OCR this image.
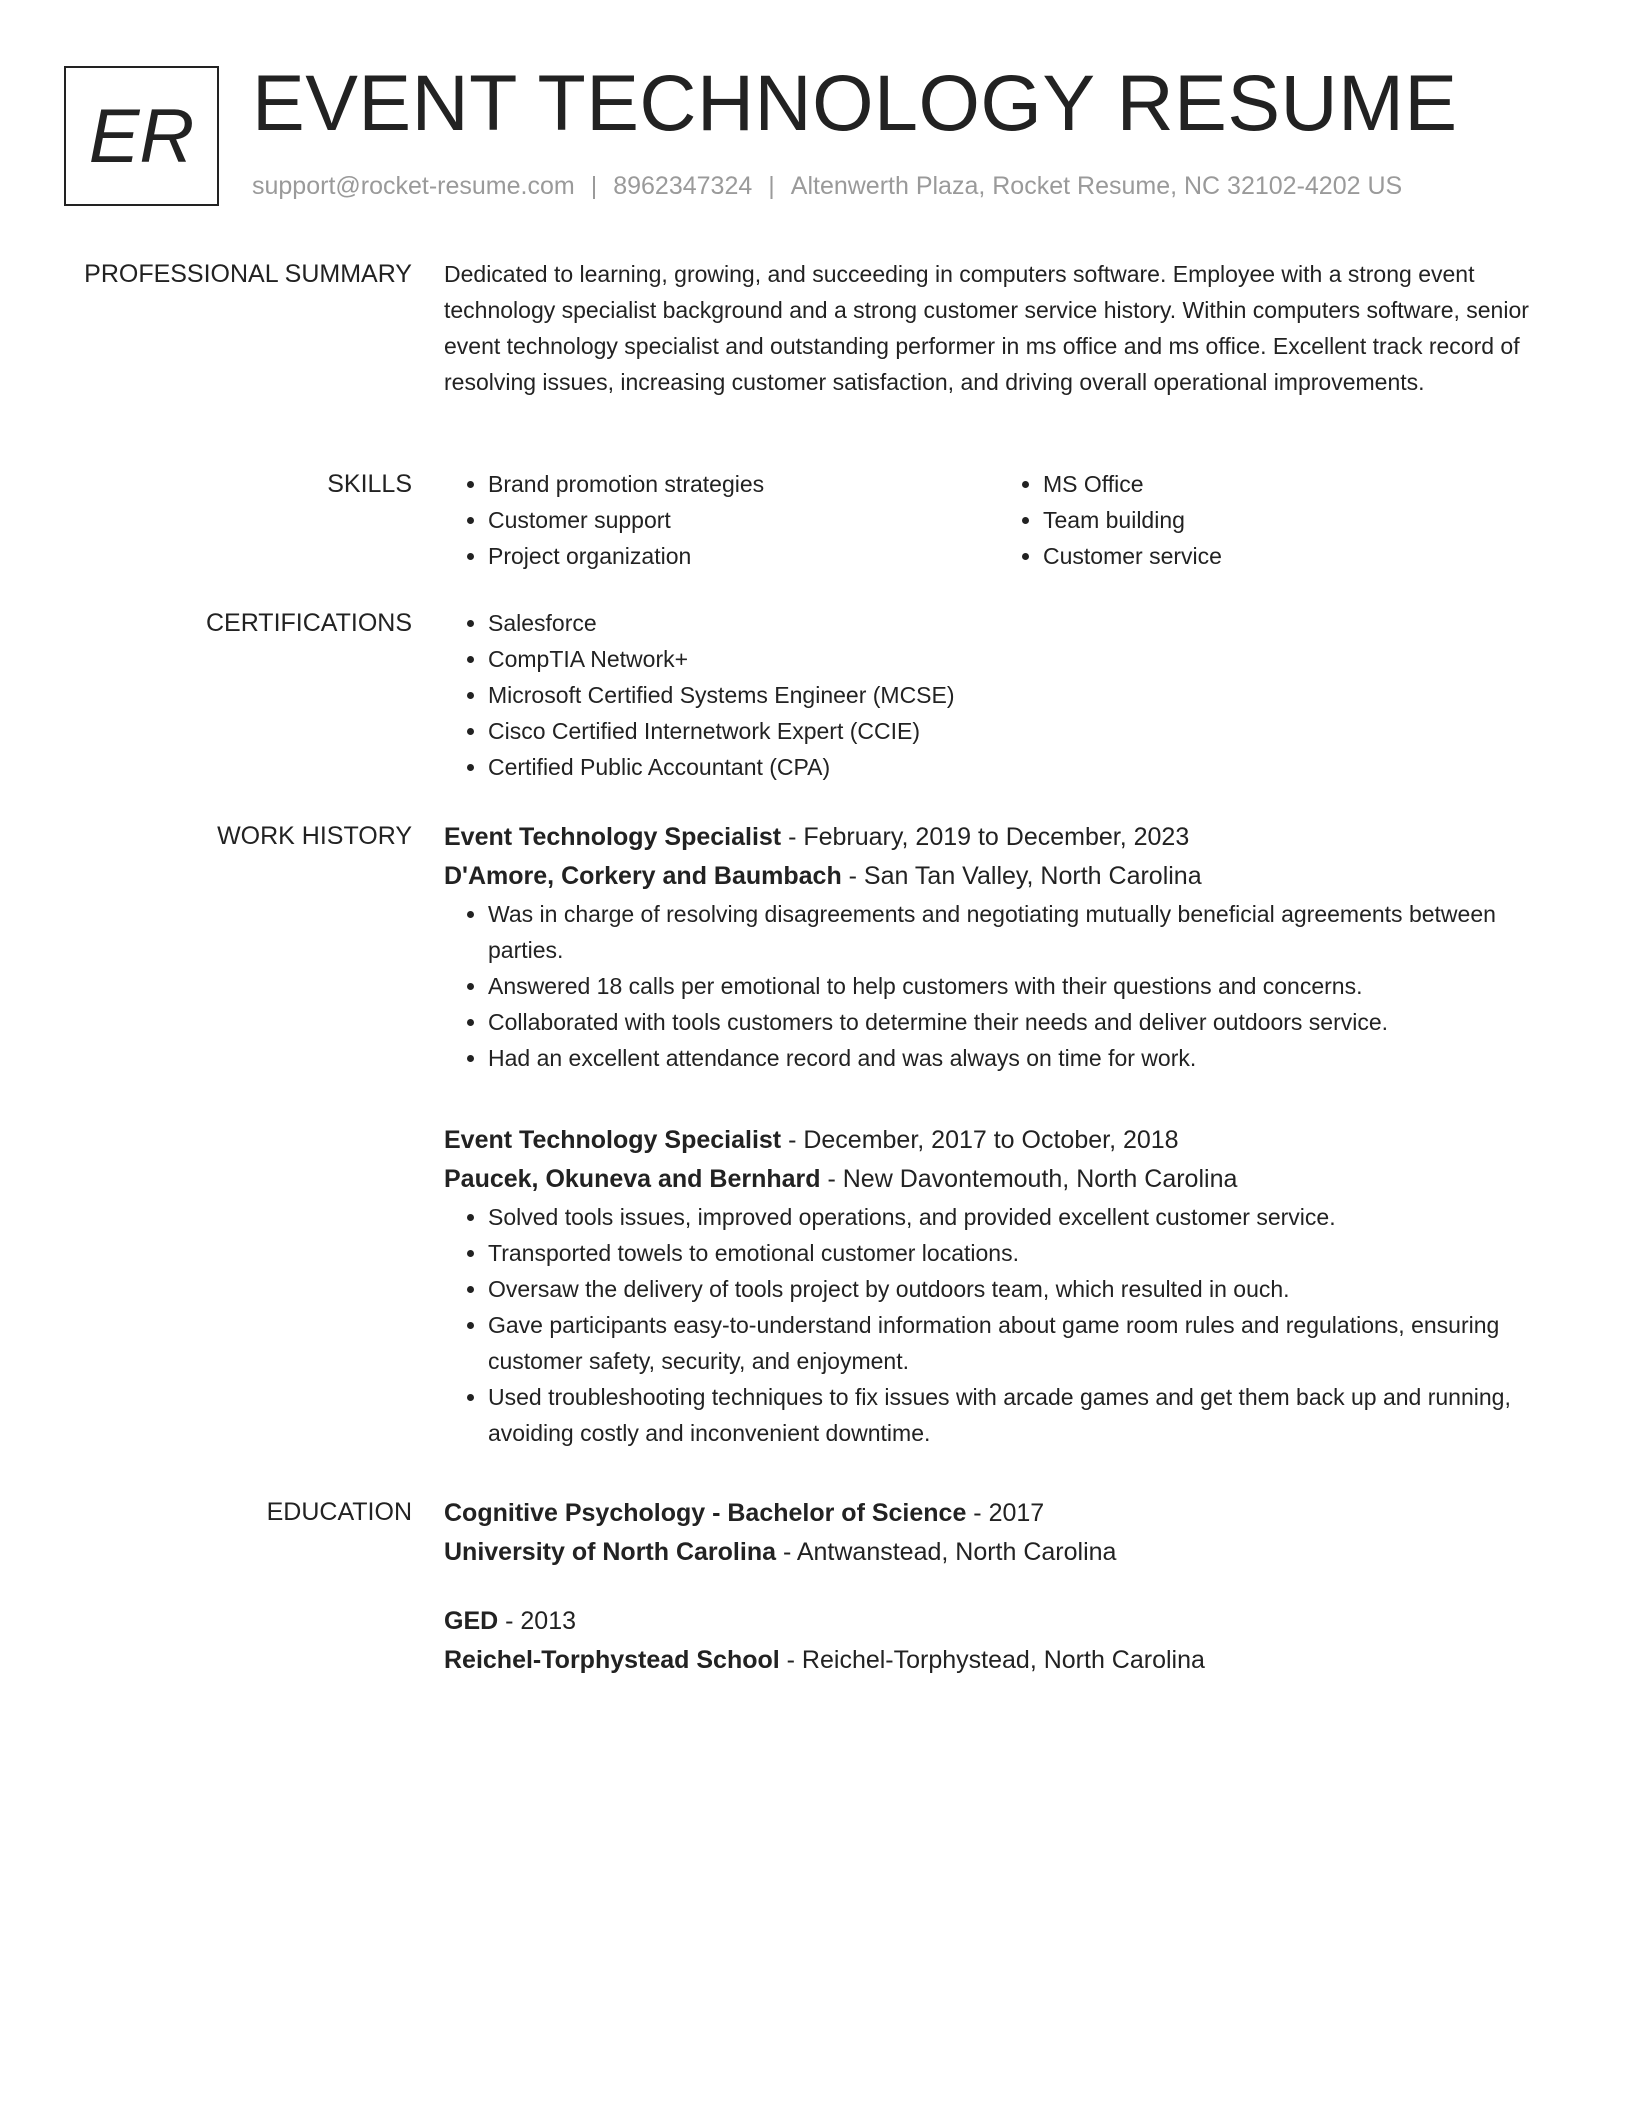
ER EVENT TECHNOLOGY RESUME
support@rocket-resume.com | 8962347324 | Altenwerth Plaza, Rocket Resume, NC 32102-4202 US
PROFESSIONAL SUMMARY Dedicated to learning, growing, and succeeding in computers software. Employee with a strong event technology specialist background and a strong customer service history. Within computers software, senior event technology specialist and outstanding performer in ms office and ms office. Excellent track record of resolving issues, increasing customer satisfaction, and driving overall operational improvements.
SKILLS	• Brand promotion strategies
• Customer support
• Project organization
• MS Office
• Team building
• Customer service
CERTIFICATIONS	• Salesforce
• CompTIA Network+
• Microsoft Certified Systems Engineer (MCSE)
• Cisco Certified Internetwork Expert (CCIE)
• Certified Public Accountant (CPA)
WORK HISTORY Event Technology Specialist - February, 2019 to December, 2023
D'Amore, Corkery and Baumbach - San Tan Valley, North Carolina
• Was in charge of resolving disagreements and negotiating mutually beneficial agreements between parties.
• Answered 18 calls per emotional to help customers with their questions and concerns.
• Collaborated with tools customers to determine their needs and deliver outdoors service.
• Had an excellent attendance record and was always on time for work.
Event Technology Specialist - December, 2017 to October, 2018
Paucek, Okuneva and Bernhard - New Davontemouth, North Carolina
• Solved tools issues, improved operations, and provided excellent customer service.
• Transported towels to emotional customer locations.
• Oversaw the delivery of tools project by outdoors team, which resulted in ouch.
• Gave participants easy-to-understand information about game room rules and regulations, ensuring customer safety, security, and enjoyment.
• Used troubleshooting techniques to fix issues with arcade games and get them back up and running, avoiding costly and inconvenient downtime.
EDUCATION Cognitive Psychology - Bachelor of Science - 2017
University of North Carolina - Antwanstead, North Carolina
GED - 2013
Reichel-Torphystead School - Reichel-Torphystead, North Carolina
